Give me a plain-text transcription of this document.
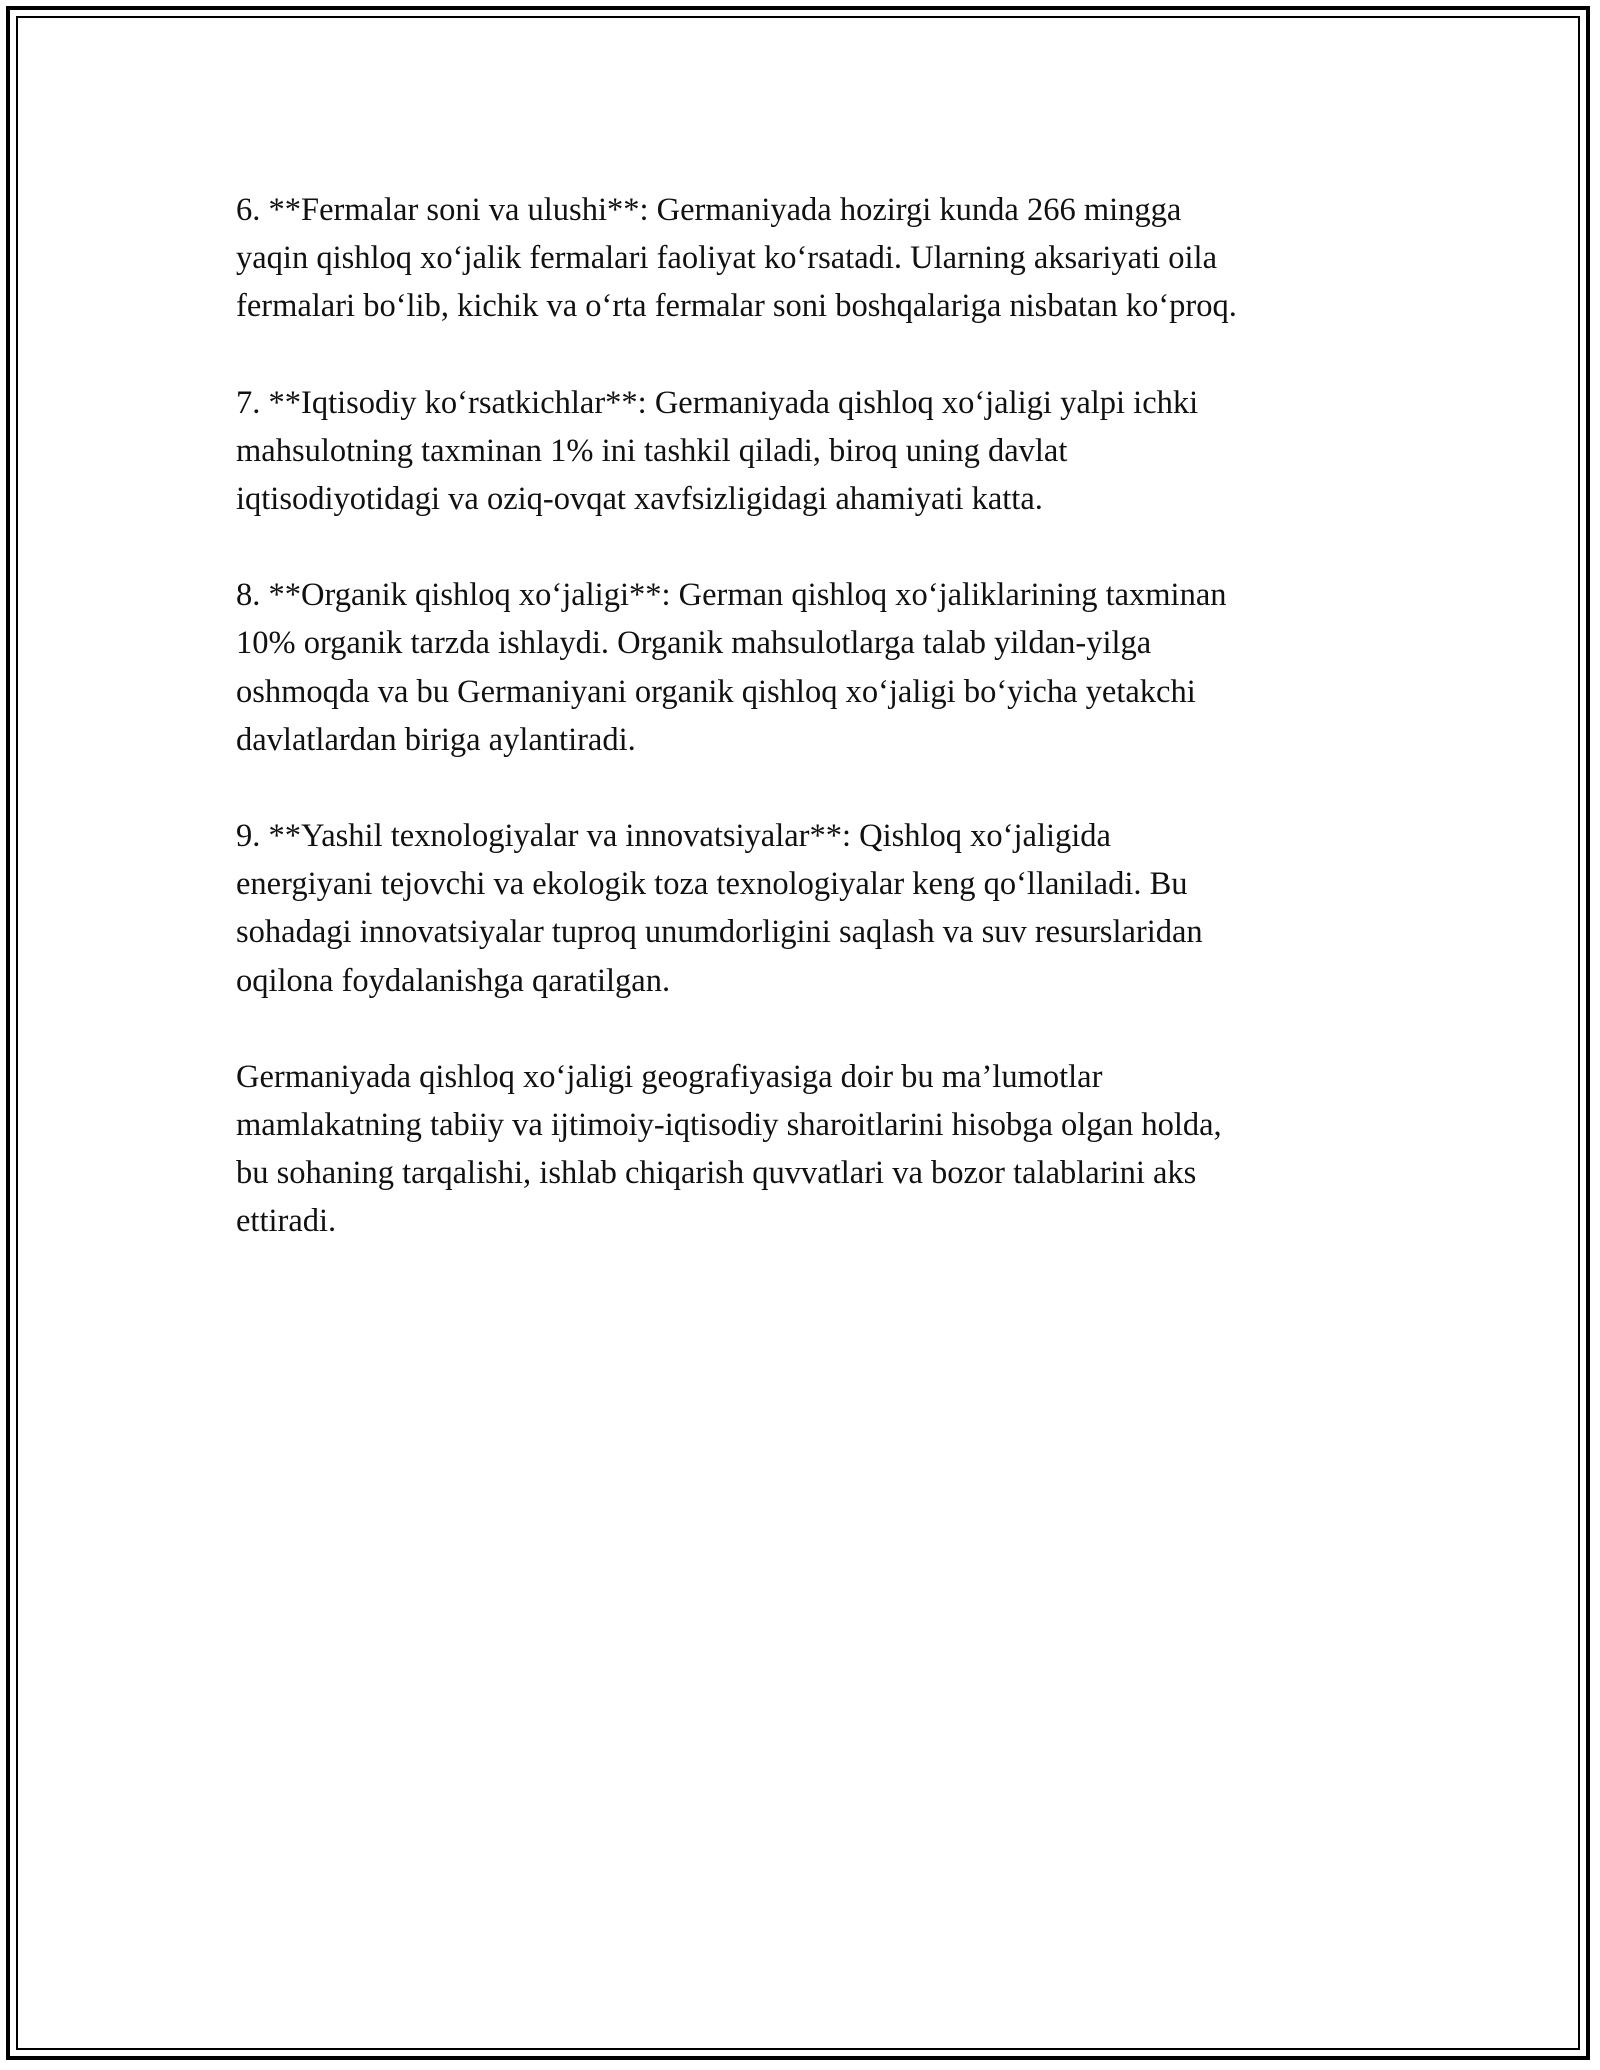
6. **Fermalar soni va ulushi**: Germaniyada hozirgi kunda 266 mingga
yaqin qishloq xo‘jalik fermalari faoliyat ko‘rsatadi. Ularning aksariyati oila
fermalari bo‘lib, kichik va o‘rta fermalar soni boshqalariga nisbatan ko‘proq.

7. **Iqtisodiy ko‘rsatkichlar**: Germaniyada qishloq xo‘jaligi yalpi ichki
mahsulotning taxminan 1% ini tashkil qiladi, biroq uning davlat
iqtisodiyotidagi va oziq-ovqat xavfsizligidagi ahamiyati katta.

8. **Organik qishloq xo‘jaligi**: German qishloq xo‘jaliklarining taxminan
10% organik tarzda ishlaydi. Organik mahsulotlarga talab yildan-yilga
oshmoqda va bu Germaniyani organik qishloq xo‘jaligi bo‘yicha yetakchi
davlatlardan biriga aylantiradi.

9. **Yashil texnologiyalar va innovatsiyalar**: Qishloq xo‘jaligida
energiyani tejovchi va ekologik toza texnologiyalar keng qo‘llaniladi. Bu
sohadagi innovatsiyalar tuproq unumdorligini saqlash va suv resurslaridan
oqilona foydalanishga qaratilgan.

Germaniyada qishloq xo‘jaligi geografiyasiga doir bu ma’lumotlar
mamlakatning tabiiy va ijtimoiy-iqtisodiy sharoitlarini hisobga olgan holda,
bu sohaning tarqalishi, ishlab chiqarish quvvatlari va bozor talablarini aks
ettiradi.
